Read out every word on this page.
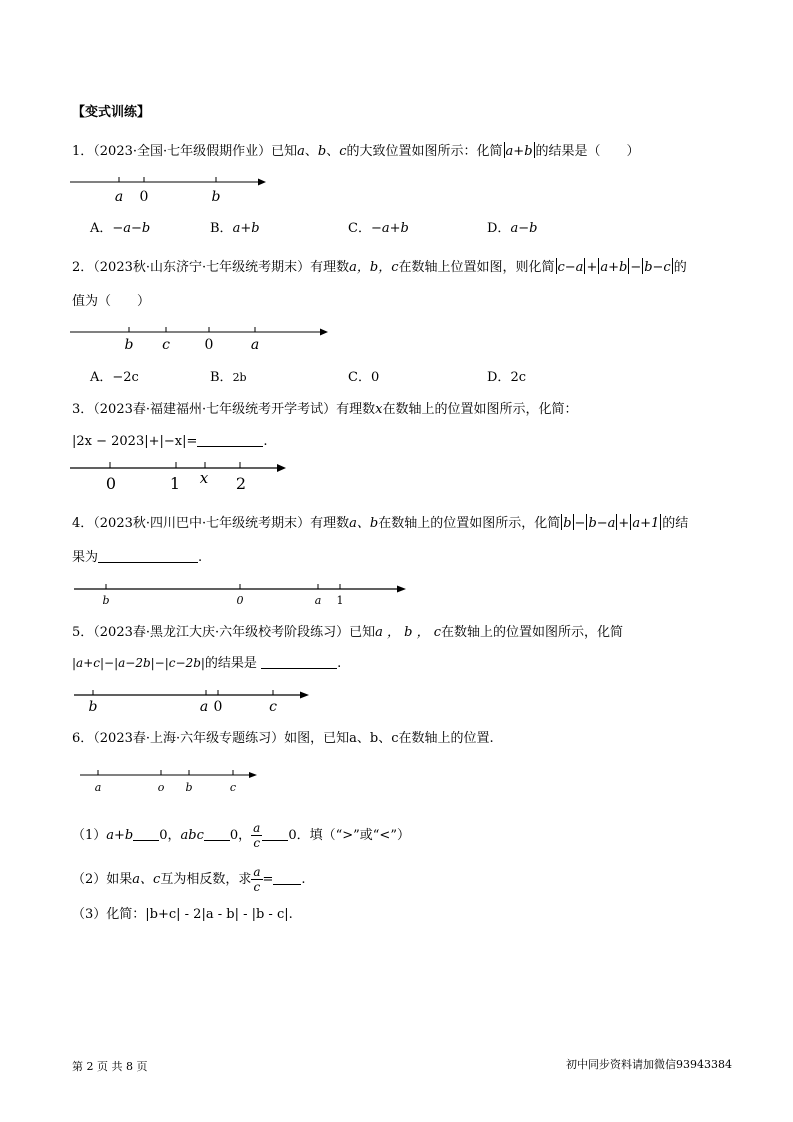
【变式训练】
1．（2023·全国·七年级假期作业）已知a、b、c的大致位置如图所示：化简 a+b 的结果是（　　）
a 0	b
A．−a−b	B．a+b	C．−a+b	D．a−b
2．（2023秋·山东济宁·七年级统考期末）有理数a，b，c在数轴上位置如图，则化简 c−a + a+b − b−c 的
值为（　　）
b c 0	a
A．−2c	B．2b	C．0	D．2c
3．（2023春·福建福州·七年级统考开学考试）有理数x在数轴上的位置如图所示，化简：
|2x − 2023|+|−x|=	.
0	1 x 2
4．（2023秋·四川巴中·七年级统考期末）有理数a、b在数轴上的位置如图所示，化简 b − b−a + a+1 的结
果为	.
b	0	a 1
5．（2023春·黑龙江大庆·六年级校考阶段练习）已知a ， b ， c在数轴上的位置如图所示，化简
|a+c|−|a−2b|−|c−2b|的结果是	.
b	a 0	c
6．（2023春·上海·六年级专题练习）如图，已知a、b、c在数轴上的位置.
a	o b	c
（1）a+b 0，abc 0， $\frac{a}{c} 0$．填（“>”或“<”）
（2）如果a、c互为相反数，求 $\frac{a}{c}$ = .
（3）化简：|b+c| - 2|a - b| - |b - c|.
第 2 页 共 8 页	初中同步资料请加微信93943384
